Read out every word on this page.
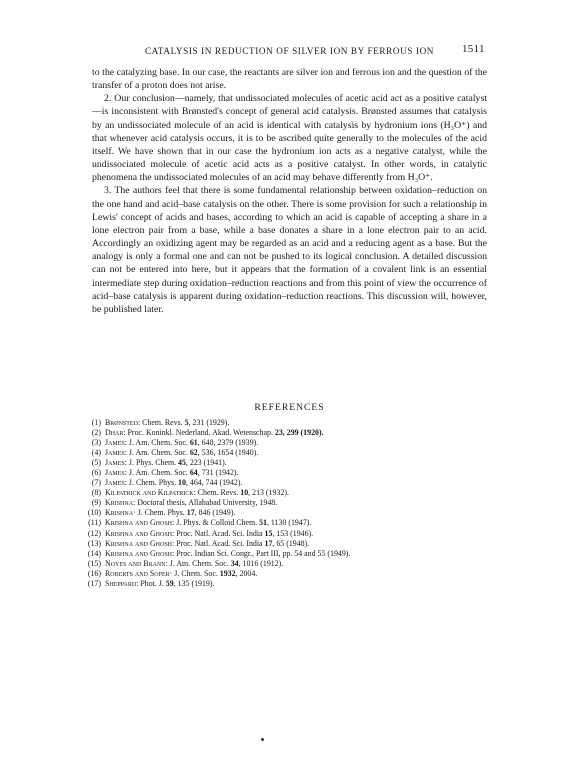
CATALYSIS IN REDUCTION OF SILVER ION BY FERROUS ION	1511

to the catalyzing base. In our case, the reactants are silver ion and ferrous ion and the question of the transfer of a proton does not arise.

2. Our conclusion—namely, that undissociated molecules of acetic acid act as a positive catalyst—is inconsistent with Brønsted's concept of general acid catalysis. Brønsted assumes that catalysis by an undissociated molecule of an acid is identical with catalysis by hydronium ions (H₃O⁺) and that whenever acid catalysis occurs, it is to be ascribed quite generally to the molecules of the acid itself. We have shown that in our case the hydronium ion acts as a negative catalyst, while the undissociated molecule of acetic acid acts as a positive catalyst. In other words, in catalytic phenomena the undissociated molecules of an acid may behave differently from H₃O⁺.

3. The authors feel that there is some fundamental relationship between oxidation–reduction on the one hand and acid–base catalysis on the other. There is some provision for such a relationship in Lewis' concept of acids and bases, according to which an acid is capable of accepting a share in a lone electron pair from a base, while a base donates a share in a lone electron pair to an acid. Accordingly an oxidizing agent may be regarded as an acid and a reducing agent as a base. But the analogy is only a formal one and can not be pushed to its logical conclusion. A detailed discussion can not be entered into here, but it appears that the formation of a covalent link is an essential intermediate step during oxidation–reduction reactions and from this point of view the occurrence of acid–base catalysis is apparent during oxidation–reduction reactions. This discussion will, however, be published later.

REFERENCES
(1) Brønsted: Chem. Revs. 5, 231 (1929).
(2) Dhar: Proc. Koninkl. Nederland. Akad. Wetenschap. 23, 299 (1920).
(3) James: J. Am. Chem. Soc. 61, 648, 2379 (1939).
(4) James: J. Am. Chem. Soc. 62, 536, 1654 (1940).
(5) James: J. Phys. Chem. 45, 223 (1941).
(6) James: J. Am. Chem. Soc. 64, 731 (1942).
(7) James: J. Chem. Phys. 10, 464, 744 (1942).
(8) Kilpatrick and Kilpatrick: Chem. Revs. 10, 213 (1932).
(9) Krishna: Doctoral thesis, Allahabad University, 1948.
(10) Krishna· J. Chem. Phys. 17, 846 (1949).
(11) Krishna and Ghosh: J. Phys. & Colloid Chem. 51, 1130 (1947).
(12) Krishna and Ghosh: Proc. Natl. Acad. Sci. India 15, 153 (1946).
(13) Krishna and Ghosh: Proc. Natl. Acad. Sci. India 17, 65 (1948).
(14) Krishna and Ghosh: Proc. Indian Sci. Congr., Part III, pp. 54 and 55 (1949).
(15) Noyes and Brann: J. Am. Chem. Soc. 34, 1016 (1912).
(16) Roberts and Soper· J. Chem. Soc. 1932, 2004.
(17) Sheppard: Phot. J. 59, 135 (1919).
